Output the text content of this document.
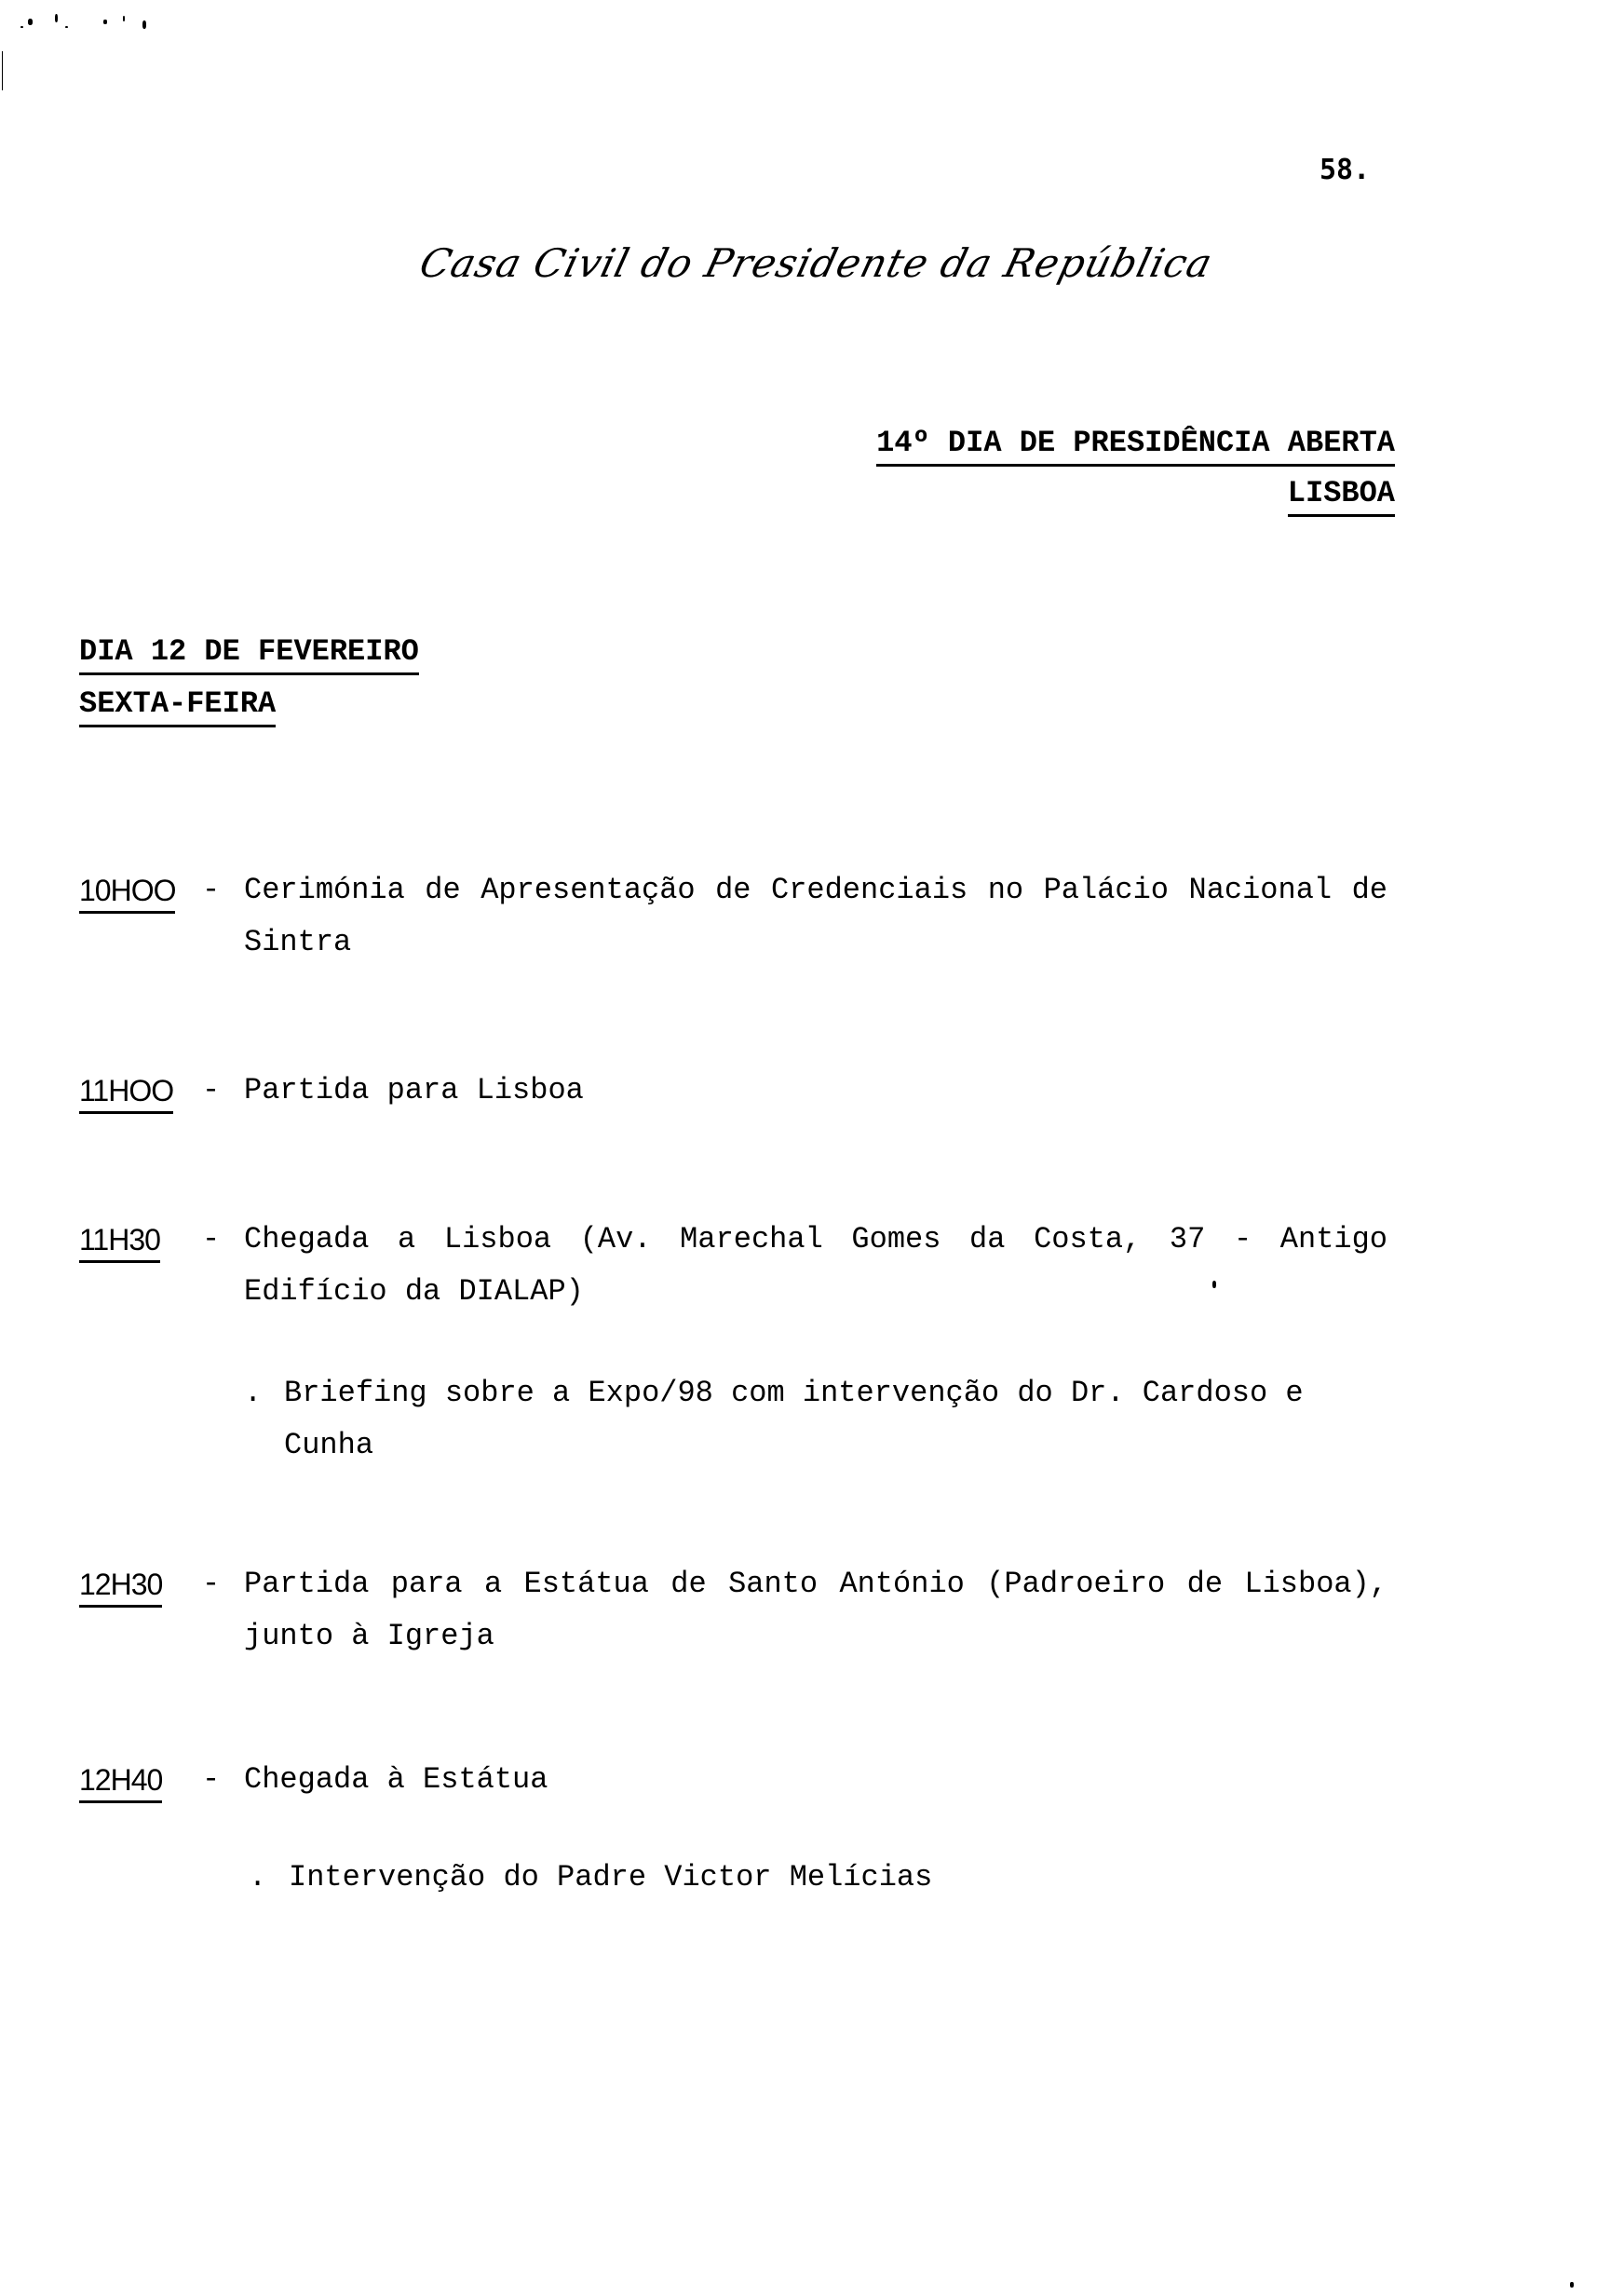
58.
Casa Civil do Presidente da República
14º DIA DE PRESIDÊNCIA ABERTA
LISBOA
DIA 12 DE FEVEREIRO
SEXTA-FEIRA
10HOO - Cerimónia de Apresentação de Credenciais no Palácio Nacional de Sintra
11HOO - Partida para Lisboa
11H30 - Chegada a Lisboa (Av. Marechal Gomes da Costa, 37 - Antigo Edifício da DIALAP)
. Briefing sobre a Expo/98 com intervenção do Dr. Cardoso e Cunha
12H30 - Partida para a Estátua de Santo António (Padroeiro de Lisboa), junto à Igreja
12H40 - Chegada à Estátua
. Intervenção do Padre Victor Melícias
